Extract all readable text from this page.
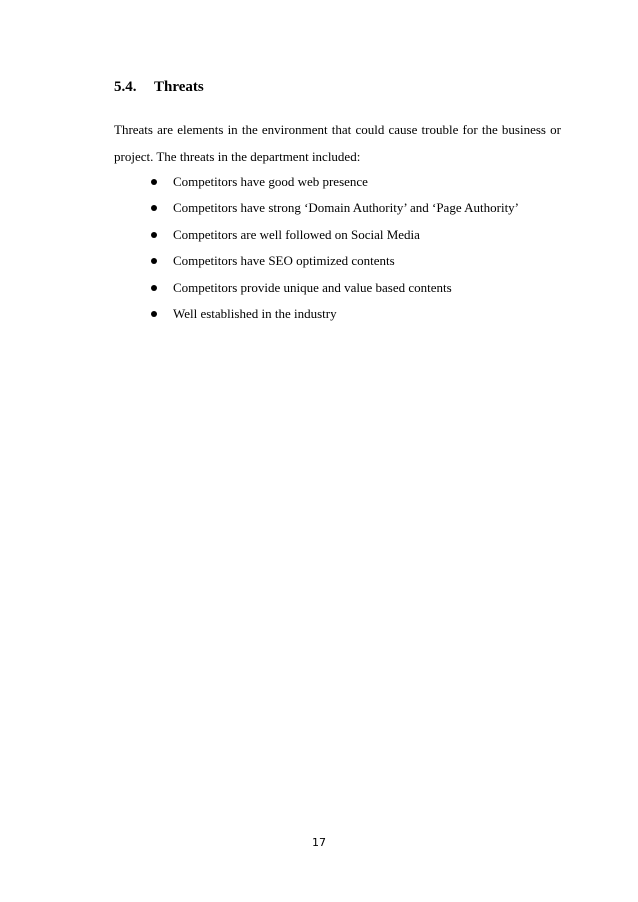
5.4. Threats

Threats are elements in the environment that could cause trouble for the business or project. The threats in the department included:

Competitors have good web presence
Competitors have strong ‘Domain Authority’ and ‘Page Authority’
Competitors are well followed on Social Media
Competitors have SEO optimized contents
Competitors provide unique and value based contents
Well established in the industry
17
